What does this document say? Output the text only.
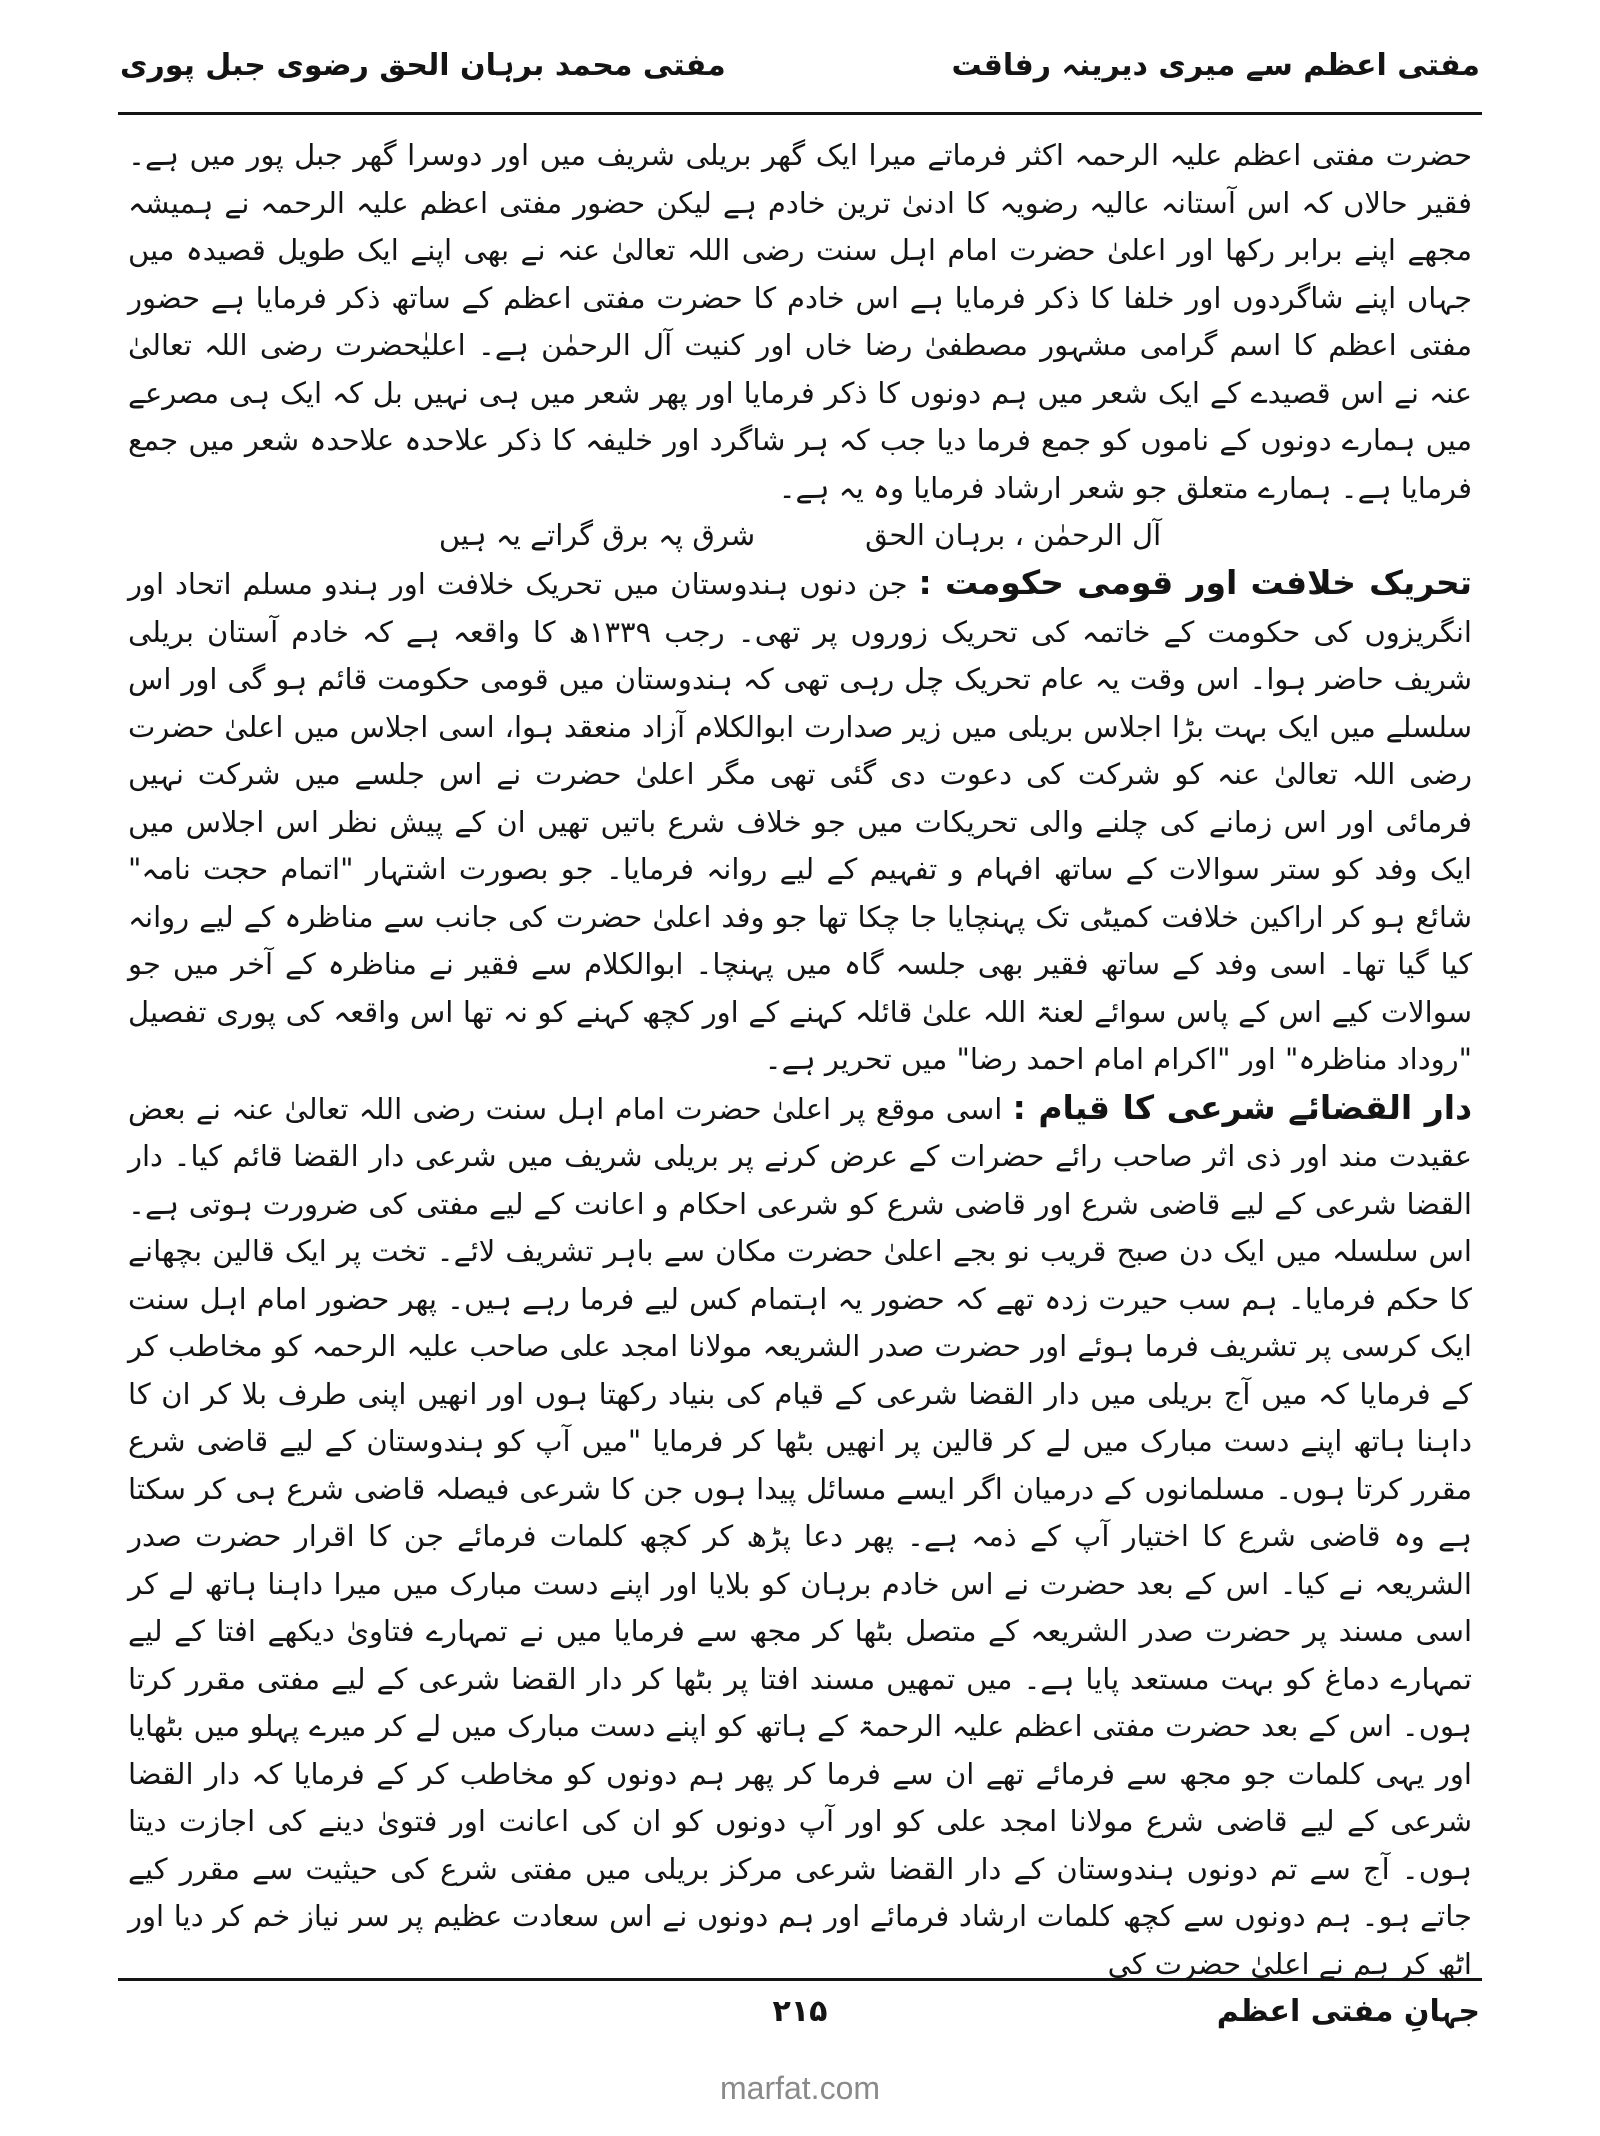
مفتی اعظم سے میری دیرینہ رفاقت
مفتی محمد برہان الحق رضوی جبل پوری

حضرت مفتی اعظم علیہ الرحمہ اکثر فرماتے میرا ایک گھر بریلی شریف میں اور دوسرا گھر جبل پور میں ہے۔ فقیر حالاں کہ اس آستانہ عالیہ رضویہ کا ادنیٰ ترین خادم ہے لیکن حضور مفتی اعظم علیہ الرحمہ نے ہمیشہ مجھے اپنے برابر رکھا اور اعلیٰ حضرت امام اہل سنت رضی اللہ تعالیٰ عنہ نے بھی اپنے ایک طویل قصیدہ میں جہاں اپنے شاگردوں اور خلفا کا ذکر فرمایا ہے اس خادم کا حضرت مفتی اعظم کے ساتھ ذکر فرمایا ہے حضور مفتی اعظم کا اسم گرامی مشہور مصطفیٰ رضا خاں اور کنیت آل الرحمٰن ہے۔ اعلیٰحضرت رضی اللہ تعالیٰ عنہ نے اس قصیدے کے ایک شعر میں ہم دونوں کا ذکر فرمایا اور پھر شعر میں ہی نہیں بل کہ ایک ہی مصرعے میں ہمارے دونوں کے ناموں کو جمع فرما دیا جب کہ ہر شاگرد اور خلیفہ کا ذکر علاحدہ علاحدہ شعر میں جمع فرمایا ہے۔ ہمارے متعلق جو شعر ارشاد فرمایا وہ یہ ہے۔

آل الرحمٰن ، برہان الحق
شرق پہ برق گراتے یہ ہیں

تحریک خلافت اور قومی حکومت : جن دنوں ہندوستان میں تحریک خلافت اور ہندو مسلم اتحاد اور انگریزوں کی حکومت کے خاتمہ کی تحریک زوروں پر تھی۔ رجب ۱۳۳۹ھ کا واقعہ ہے کہ خادم آستان بریلی شریف حاضر ہوا۔ اس وقت یہ عام تحریک چل رہی تھی کہ ہندوستان میں قومی حکومت قائم ہو گی اور اس سلسلے میں ایک بہت بڑا اجلاس بریلی میں زیر صدارت ابوالکلام آزاد منعقد ہوا، اسی اجلاس میں اعلیٰ حضرت رضی اللہ تعالیٰ عنہ کو شرکت کی دعوت دی گئی تھی مگر اعلیٰ حضرت نے اس جلسے میں شرکت نہیں فرمائی اور اس زمانے کی چلنے والی تحریکات میں جو خلاف شرع باتیں تھیں ان کے پیش نظر اس اجلاس میں ایک وفد کو ستر سوالات کے ساتھ افہام و تفہیم کے لیے روانہ فرمایا۔ جو بصورت اشتہار "اتمام حجت نامہ" شائع ہو کر اراکین خلافت کمیٹی تک پہنچایا جا چکا تھا جو وفد اعلیٰ حضرت کی جانب سے مناظرہ کے لیے روانہ کیا گیا تھا۔ اسی وفد کے ساتھ فقیر بھی جلسہ گاہ میں پہنچا۔ ابوالکلام سے فقیر نے مناظرہ کے آخر میں جو سوالات کیے اس کے پاس سوائے لعنۃ اللہ علیٰ قائلہ کہنے کے اور کچھ کہنے کو نہ تھا اس واقعہ کی پوری تفصیل "روداد مناظرہ" اور "اکرام امام احمد رضا" میں تحریر ہے۔

دار القضائے شرعی کا قیام : اسی موقع پر اعلیٰ حضرت امام اہل سنت رضی اللہ تعالیٰ عنہ نے بعض عقیدت مند اور ذی اثر صاحب رائے حضرات کے عرض کرنے پر بریلی شریف میں شرعی دار القضا قائم کیا۔ دار القضا شرعی کے لیے قاضی شرع اور قاضی شرع کو شرعی احکام و اعانت کے لیے مفتی کی ضرورت ہوتی ہے۔ اس سلسلہ میں ایک دن صبح قریب نو بجے اعلیٰ حضرت مکان سے باہر تشریف لائے۔ تخت پر ایک قالین بچھانے کا حکم فرمایا۔ ہم سب حیرت زدہ تھے کہ حضور یہ اہتمام کس لیے فرما رہے ہیں۔ پھر حضور امام اہل سنت ایک کرسی پر تشریف فرما ہوئے اور حضرت صدر الشریعہ مولانا امجد علی صاحب علیہ الرحمہ کو مخاطب کر کے فرمایا کہ میں آج بریلی میں دار القضا شرعی کے قیام کی بنیاد رکھتا ہوں اور انھیں اپنی طرف بلا کر ان کا داہنا ہاتھ اپنے دست مبارک میں لے کر قالین پر انھیں بٹھا کر فرمایا "میں آپ کو ہندوستان کے لیے قاضی شرع مقرر کرتا ہوں۔ مسلمانوں کے درمیان اگر ایسے مسائل پیدا ہوں جن کا شرعی فیصلہ قاضی شرع ہی کر سکتا ہے وہ قاضی شرع کا اختیار آپ کے ذمہ ہے۔ پھر دعا پڑھ کر کچھ کلمات فرمائے جن کا اقرار حضرت صدر الشریعہ نے کیا۔ اس کے بعد حضرت نے اس خادم برہان کو بلایا اور اپنے دست مبارک میں میرا داہنا ہاتھ لے کر اسی مسند پر حضرت صدر الشریعہ کے متصل بٹھا کر مجھ سے فرمایا میں نے تمہارے فتاویٰ دیکھے افتا کے لیے تمہارے دماغ کو بہت مستعد پایا ہے۔ میں تمھیں مسند افتا پر بٹھا کر دار القضا شرعی کے لیے مفتی مقرر کرتا ہوں۔ اس کے بعد حضرت مفتی اعظم علیہ الرحمۃ کے ہاتھ کو اپنے دست مبارک میں لے کر میرے پہلو میں بٹھایا اور یہی کلمات جو مجھ سے فرمائے تھے ان سے فرما کر پھر ہم دونوں کو مخاطب کر کے فرمایا کہ دار القضا شرعی کے لیے قاضی شرع مولانا امجد علی کو اور آپ دونوں کو ان کی اعانت اور فتویٰ دینے کی اجازت دیتا ہوں۔ آج سے تم دونوں ہندوستان کے دار القضا شرعی مرکز بریلی میں مفتی شرع کی حیثیت سے مقرر کیے جاتے ہو۔ ہم دونوں سے کچھ کلمات ارشاد فرمائے اور ہم دونوں نے اس سعادت عظیم پر سر نیاز خم کر دیا اور اٹھ کر ہم نے اعلیٰ حضرت کی

جہانِ مفتی اعظم
۲۱۵
marfat.com
